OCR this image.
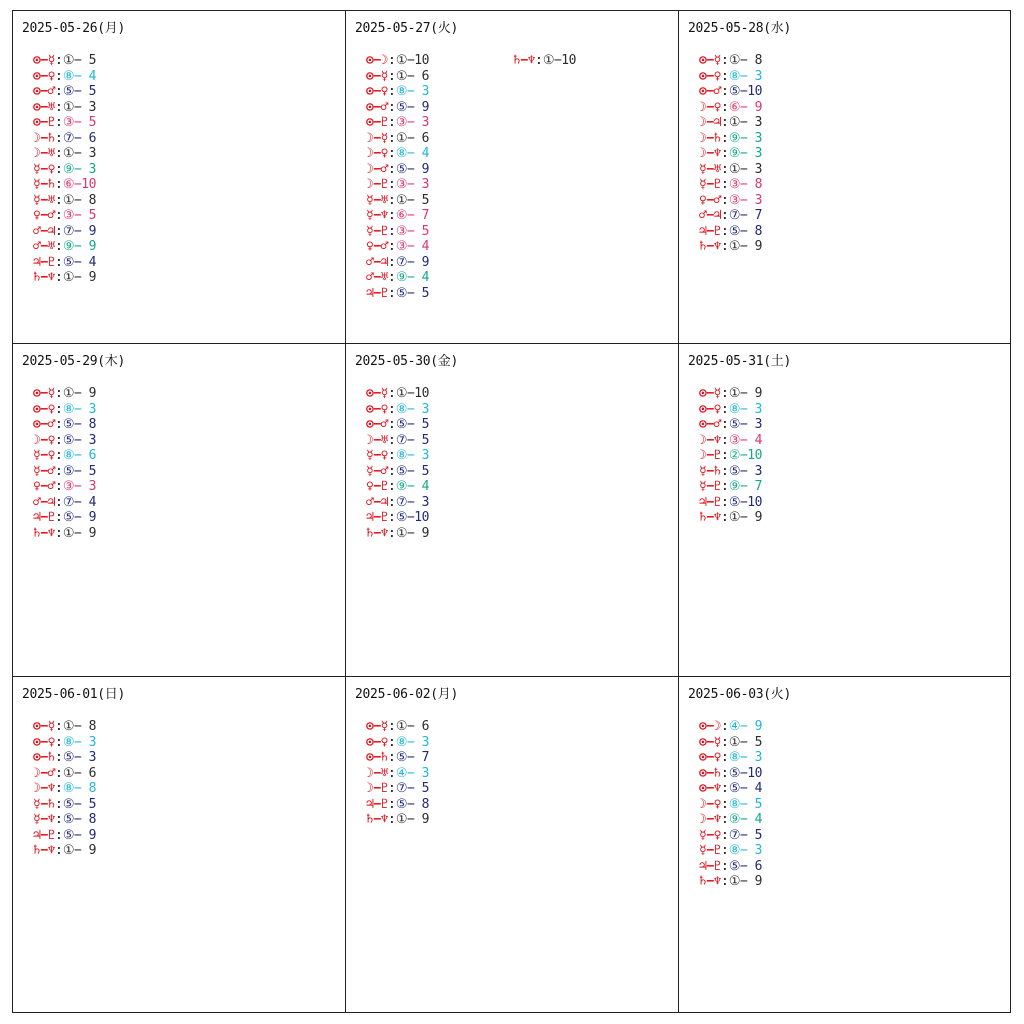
2025-05-26(月)
⊙−☿:①− 5
⊙−♀:⑧− 4
⊙−♂:⑤− 5
⊙−♅:①− 3
⊙−♇:③− 5
☽−♄:⑦− 6
☽−♅:①− 3
☿−♀:⑨− 3
☿−♄:⑥−10
☿−♅:①− 8
♀−♂:③− 5
♂−♃:⑦− 9
♂−♅:⑨− 9
♃−♇:⑤− 4
♄−♆:①− 9
2025-05-27(火)
⊙−☽:①−10
⊙−☿:①− 6
⊙−♀:⑧− 3
⊙−♂:⑤− 9
⊙−♇:③− 3
☽−☿:①− 6
☽−♀:⑧− 4
☽−♂:⑤− 9
☽−♇:③− 3
☿−♅:①− 5
☿−♆:⑥− 7
☿−♇:③− 5
♀−♂:③− 4
♂−♃:⑦− 9
♂−♅:⑨− 4
♃−♇:⑤− 5
♄−♆:①−10
2025-05-28(水)
⊙−☿:①− 8
⊙−♀:⑧− 3
⊙−♂:⑤−10
☽−♀:⑥− 9
☽−♃:①− 3
☽−♄:⑨− 3
☽−♆:⑨− 3
☿−♅:①− 3
☿−♇:③− 8
♀−♂:③− 3
♂−♃:⑦− 7
♃−♇:⑤− 8
♄−♆:①− 9
2025-05-29(木)
⊙−☿:①− 9
⊙−♀:⑧− 3
⊙−♂:⑤− 8
☽−♀:⑤− 3
☿−♀:⑧− 6
☿−♂:⑤− 5
♀−♂:③− 3
♂−♃:⑦− 4
♃−♇:⑤− 9
♄−♆:①− 9
2025-05-30(金)
⊙−☿:①−10
⊙−♀:⑧− 3
⊙−♂:⑤− 5
☽−♅:⑦− 5
☿−♀:⑧− 3
☿−♂:⑤− 5
♀−♇:⑨− 4
♂−♃:⑦− 3
♃−♇:⑤−10
♄−♆:①− 9
2025-05-31(土)
⊙−☿:①− 9
⊙−♀:⑧− 3
⊙−♂:⑤− 3
☽−♆:③− 4
☽−♇:②−10
☿−♄:⑤− 3
☿−♇:⑨− 7
♃−♇:⑤−10
♄−♆:①− 9
2025-06-01(日)
⊙−☿:①− 8
⊙−♀:⑧− 3
⊙−♄:⑤− 3
☽−♂:①− 6
☽−♆:⑧− 8
☿−♄:⑤− 5
☿−♆:⑤− 8
♃−♇:⑤− 9
♄−♆:①− 9
2025-06-02(月)
⊙−☿:①− 6
⊙−♀:⑧− 3
⊙−♄:⑤− 7
☽−♅:④− 3
☽−♇:⑦− 5
♃−♇:⑤− 8
♄−♆:①− 9
2025-06-03(火)
⊙−☽:④− 9
⊙−☿:①− 5
⊙−♀:⑧− 3
⊙−♄:⑤−10
⊙−♆:⑤− 4
☽−♀:⑧− 5
☽−♆:⑨− 4
☿−♀:⑦− 5
☿−♇:⑧− 3
♃−♇:⑤− 6
♄−♆:①− 9
